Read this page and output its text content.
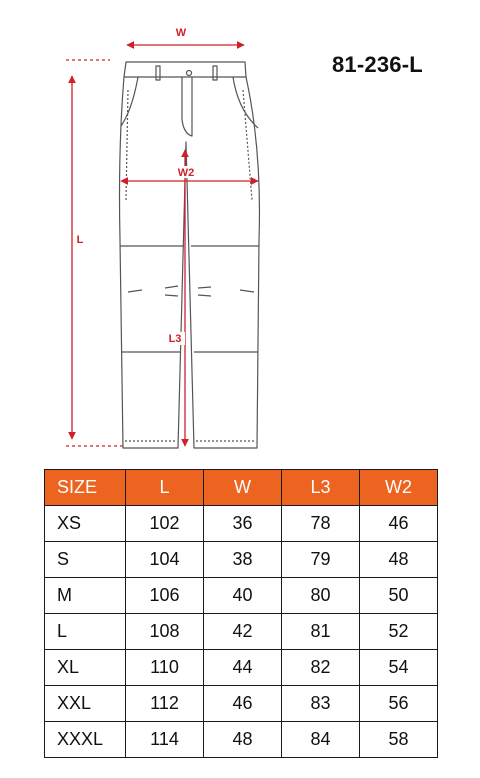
W
W2
L
L3
81-236-L
SIZE	L	W	L3	W2
XS	102	36	78	46
S	104	38	79	48
M	106	40	80	50
L	108	42	81	52
XL	110	44	82	54
XXL	112	46	83	56
XXXL	114	48	84	58
